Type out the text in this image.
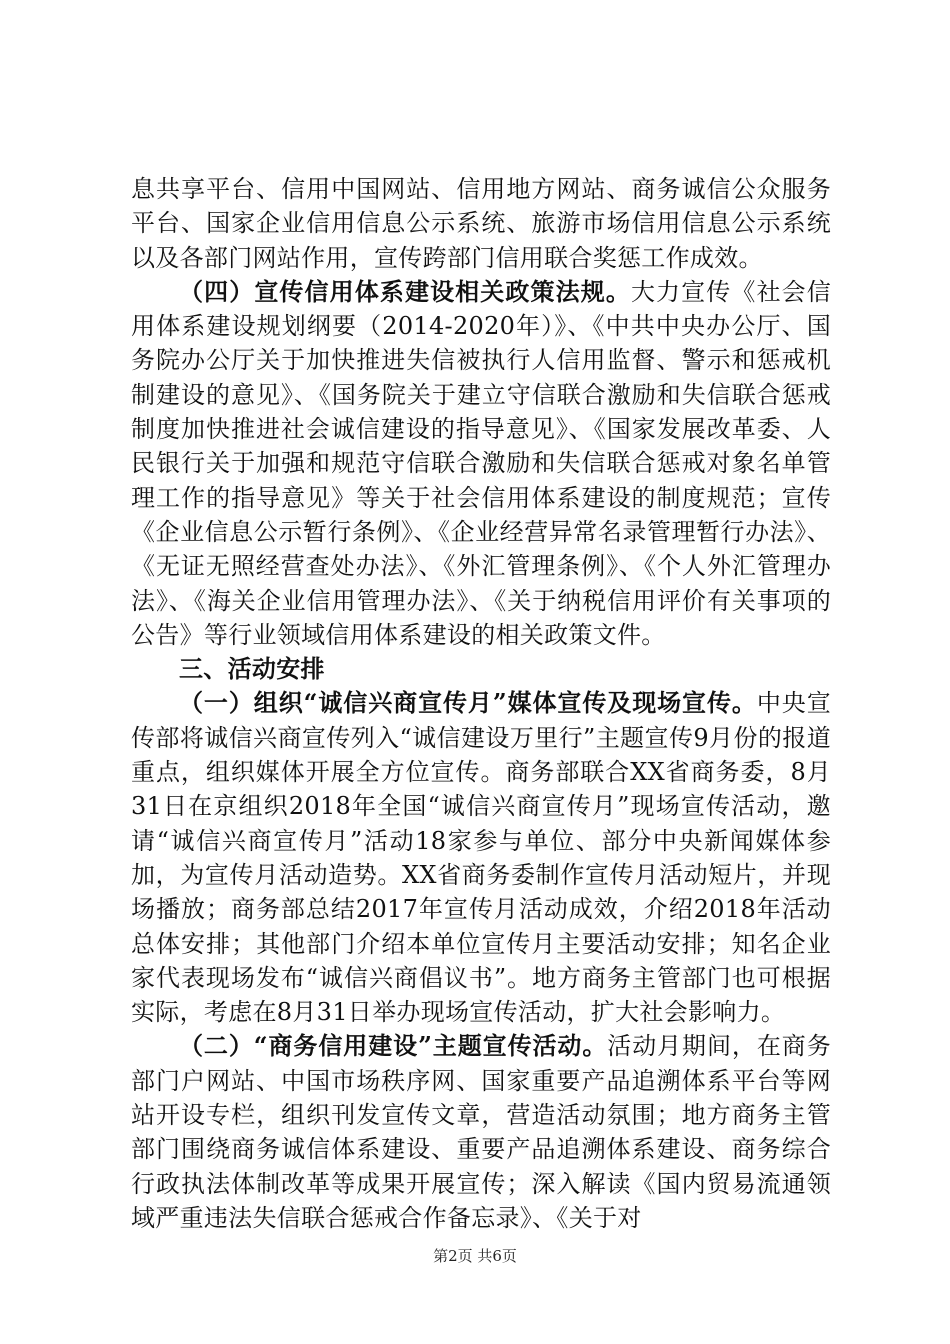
息共享平台、信用中国网站、信用地方网站、商务诚信公众服务平台、国家企业信用信息公示系统、旅游市场信用信息公示系统以及各部门网站作用，宣传跨部门信用联合奖惩工作成效。

（四）宣传信用体系建设相关政策法规。大力宣传《社会信用体系建设规划纲要（2014-2020年）》、《中共中央办公厅、国务院办公厅关于加快推进失信被执行人信用监督、警示和惩戒机制建设的意见》、《国务院关于建立守信联合激励和失信联合惩戒制度加快推进社会诚信建设的指导意见》、《国家发展改革委、人民银行关于加强和规范守信联合激励和失信联合惩戒对象名单管理工作的指导意见》等关于社会信用体系建设的制度规范；宣传《企业信息公示暂行条例》、《企业经营异常名录管理暂行办法》、《无证无照经营查处办法》、《外汇管理条例》、《个人外汇管理办法》、《海关企业信用管理办法》、《关于纳税信用评价有关事项的公告》等行业领域信用体系建设的相关政策文件。

三、活动安排

（一）组织“诚信兴商宣传月”媒体宣传及现场宣传。中央宣传部将诚信兴商宣传列入“诚信建设万里行”主题宣传9月份的报道重点，组织媒体开展全方位宣传。商务部联合XX省商务委，8月31日在京组织2018年全国“诚信兴商宣传月”现场宣传活动，邀请“诚信兴商宣传月”活动18家参与单位、部分中央新闻媒体参加，为宣传月活动造势。XX省商务委制作宣传月活动短片，并现场播放；商务部总结2017年宣传月活动成效，介绍2018年活动总体安排；其他部门介绍本单位宣传月主要活动安排；知名企业家代表现场发布“诚信兴商倡议书”。地方商务主管部门也可根据实际，考虑在8月31日举办现场宣传活动，扩大社会影响力。

（二）“商务信用建设”主题宣传活动。活动月期间，在商务部门户网站、中国市场秩序网、国家重要产品追溯体系平台等网站开设专栏，组织刊发宣传文章，营造活动氛围；地方商务主管部门围绕商务诚信体系建设、重要产品追溯体系建设、商务综合行政执法体制改革等成果开展宣传；深入解读《国内贸易流通领域严重违法失信联合惩戒合作备忘录》、《关于对

第2页 共6页
